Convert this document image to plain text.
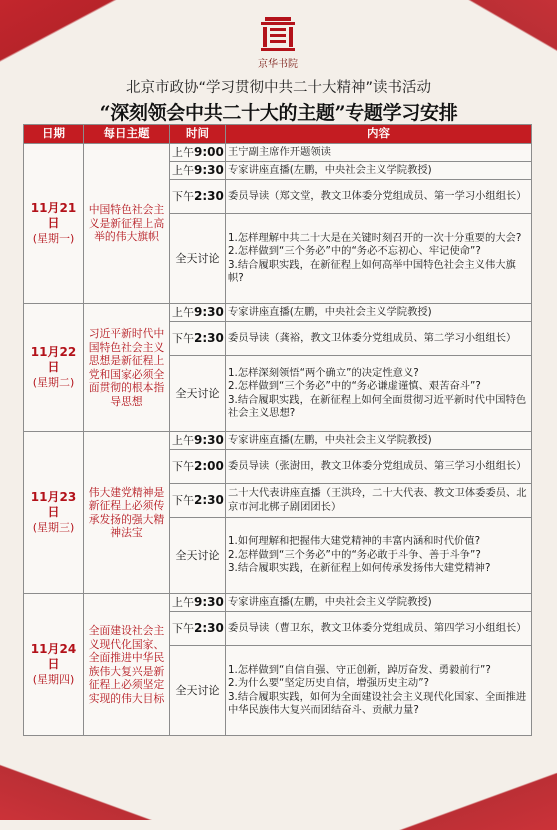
京华书院
北京市政协“学习贯彻中共二十大精神”读书活动
“深刻领会中共二十大的主题”专题学习安排
日期	每日主题	时间	内容

11月21日
(星期一)	中国特色社会主义是新征程上高举的伟大旗帜	上午9:00	王宁副主席作开题领读
		上午9:30	专家讲座直播(左鹏，中央社会主义学院教授)
		下午2:30	委员导读（郑文堂，教文卫体委分党组成员、第一学习小组组长）
		全天讨论	1.怎样理解中共二十大是在关键时刻召开的一次十分重要的大会?
2.怎样做到“三个务必”中的“务必不忘初心、牢记使命”?
3.结合履职实践，在新征程上如何高举中国特色社会主义伟大旗帜?

11月22日
(星期二)	习近平新时代中国特色社会主义思想是新征程上党和国家必须全面贯彻的根本指导思想	上午9:30	专家讲座直播(左鹏，中央社会主义学院教授)
		下午2:30	委员导读（龚裕，教文卫体委分党组成员、第二学习小组组长）
		全天讨论	1.怎样深刻领悟“两个确立”的决定性意义?
2.怎样做到“三个务必”中的“务必谦虚谨慎、艰苦奋斗”?
3.结合履职实践，在新征程上如何全面贯彻习近平新时代中国特色社会主义思想?

11月23日
(星期三)	伟大建党精神是新征程上必须传承发扬的强大精神法宝	上午9:30	专家讲座直播(左鹏，中央社会主义学院教授)
		下午2:00	委员导读（张澍田，教文卫体委分党组成员、第三学习小组组长）
		下午2:30	二十大代表讲座直播（王洪玲，二十大代表、教文卫体委委员、北京市河北梆子剧团团长）
		全天讨论	1.如何理解和把握伟大建党精神的丰富内涵和时代价值?
2.怎样做到“三个务必”中的“务必敢于斗争、善于斗争”?
3.结合履职实践，在新征程上如何传承发扬伟大建党精神?

11月24日
(星期四)	全面建设社会主义现代化国家、全面推进中华民族伟大复兴是新征程上必须坚定实现的伟大目标	上午9:30	专家讲座直播(左鹏，中央社会主义学院教授)
		下午2:30	委员导读（曹卫东，教文卫体委分党组成员、第四学习小组组长）
		全天讨论	1.怎样做到“自信自强、守正创新，踔厉奋发、勇毅前行”?
2.为什么要“坚定历史自信，增强历史主动”?
3.结合履职实践，如何为全面建设社会主义现代化国家、全面推进中华民族伟大复兴而团结奋斗、贡献力量?
